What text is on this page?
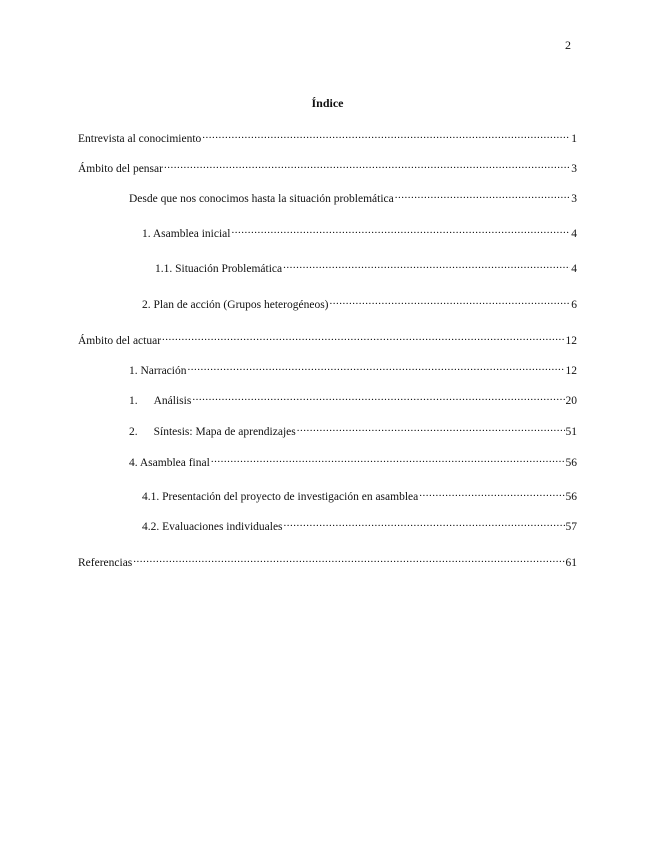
2
Índice
Entrevista al conocimiento .....	1
Ámbito del pensar .....	3
Desde que nos conocimos hasta la situación problemática .....	3
1. Asamblea inicial .....	4
1.1. Situación Problemática .....	4
2. Plan de acción (Grupos heterogéneos) .....	6
Ámbito del actuar .....	12
1. Narración .....	12
1. Análisis .....	20
2. Síntesis: Mapa de aprendizajes .....	51
4. Asamblea final .....	56
4.1. Presentación del proyecto de investigación en asamblea .....	56
4.2. Evaluaciones individuales .....	57
Referencias .....	61
